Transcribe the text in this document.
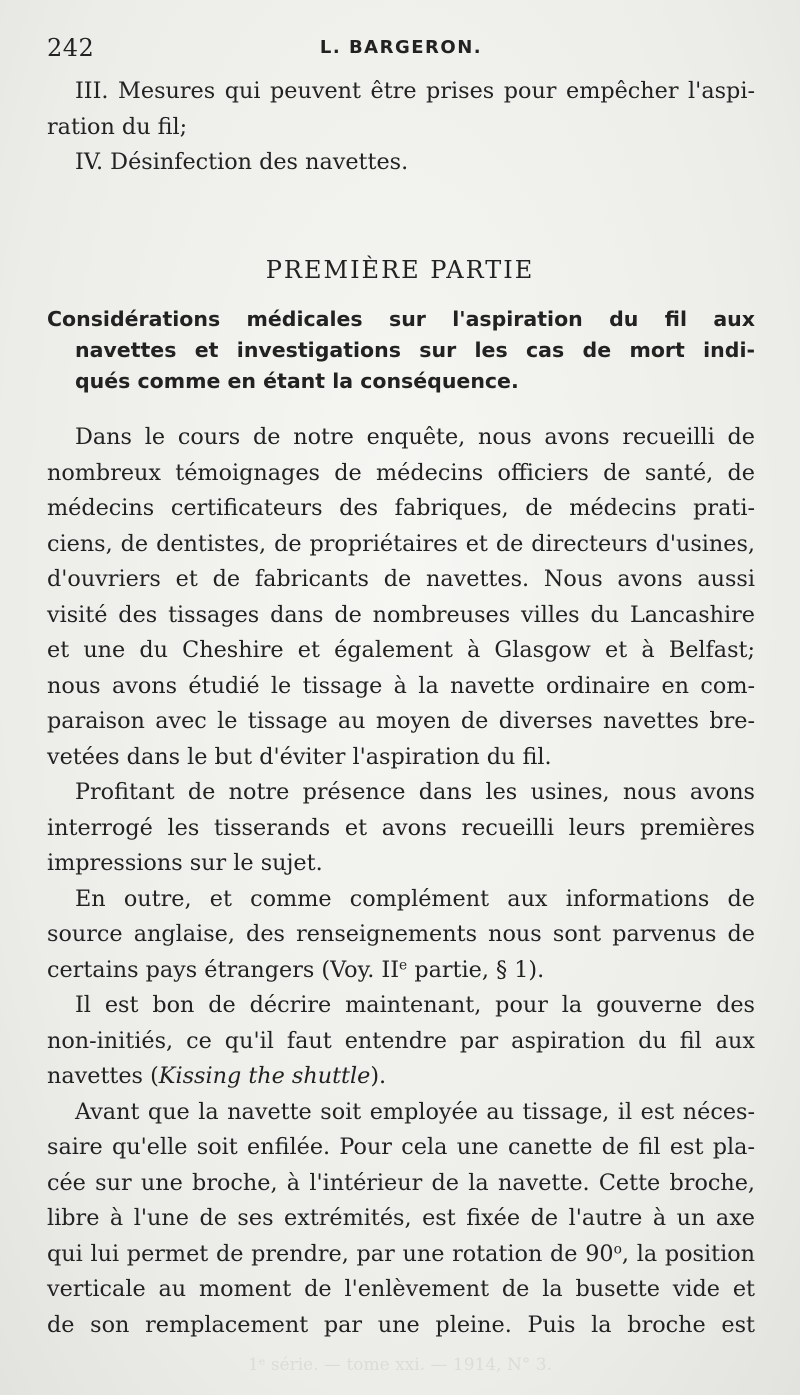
242	L. BARGERON.
III. Mesures qui peuvent être prises pour empêcher l'aspi-
ration du fil;
IV. Désinfection des navettes.
PREMIÈRE PARTIE
Considérations médicales sur l'aspiration du fil aux
navettes et investigations sur les cas de mort indi-
qués comme en étant la conséquence.
Dans le cours de notre enquête, nous avons recueilli de
nombreux témoignages de médecins officiers de santé, de
médecins certificateurs des fabriques, de médecins prati-
ciens, de dentistes, de propriétaires et de directeurs d'usines,
d'ouvriers et de fabricants de navettes. Nous avons aussi
visité des tissages dans de nombreuses villes du Lancashire
et une du Cheshire et également à Glasgow et à Belfast;
nous avons étudié le tissage à la navette ordinaire en com-
paraison avec le tissage au moyen de diverses navettes bre-
vetées dans le but d'éviter l'aspiration du fil.
Profitant de notre présence dans les usines, nous avons
interrogé les tisserands et avons recueilli leurs premières
impressions sur le sujet.
En outre, et comme complément aux informations de
source anglaise, des renseignements nous sont parvenus de
certains pays étrangers (Voy. IIe partie, § 1).
Il est bon de décrire maintenant, pour la gouverne des
non-initiés, ce qu'il faut entendre par aspiration du fil aux
navettes (Kissing the shuttle).
Avant que la navette soit employée au tissage, il est néces-
saire qu'elle soit enfilée. Pour cela une canette de fil est pla-
cée sur une broche, à l'intérieur de la navette. Cette broche,
libre à l'une de ses extrémités, est fixée de l'autre à un axe
qui lui permet de prendre, par une rotation de 90$^o$, la position
verticale au moment de l'enlèvement de la busette vide et
de son remplacement par une pleine. Puis la broche est
1ᵉ série. — tome xxi. — 1914, N° 3.
